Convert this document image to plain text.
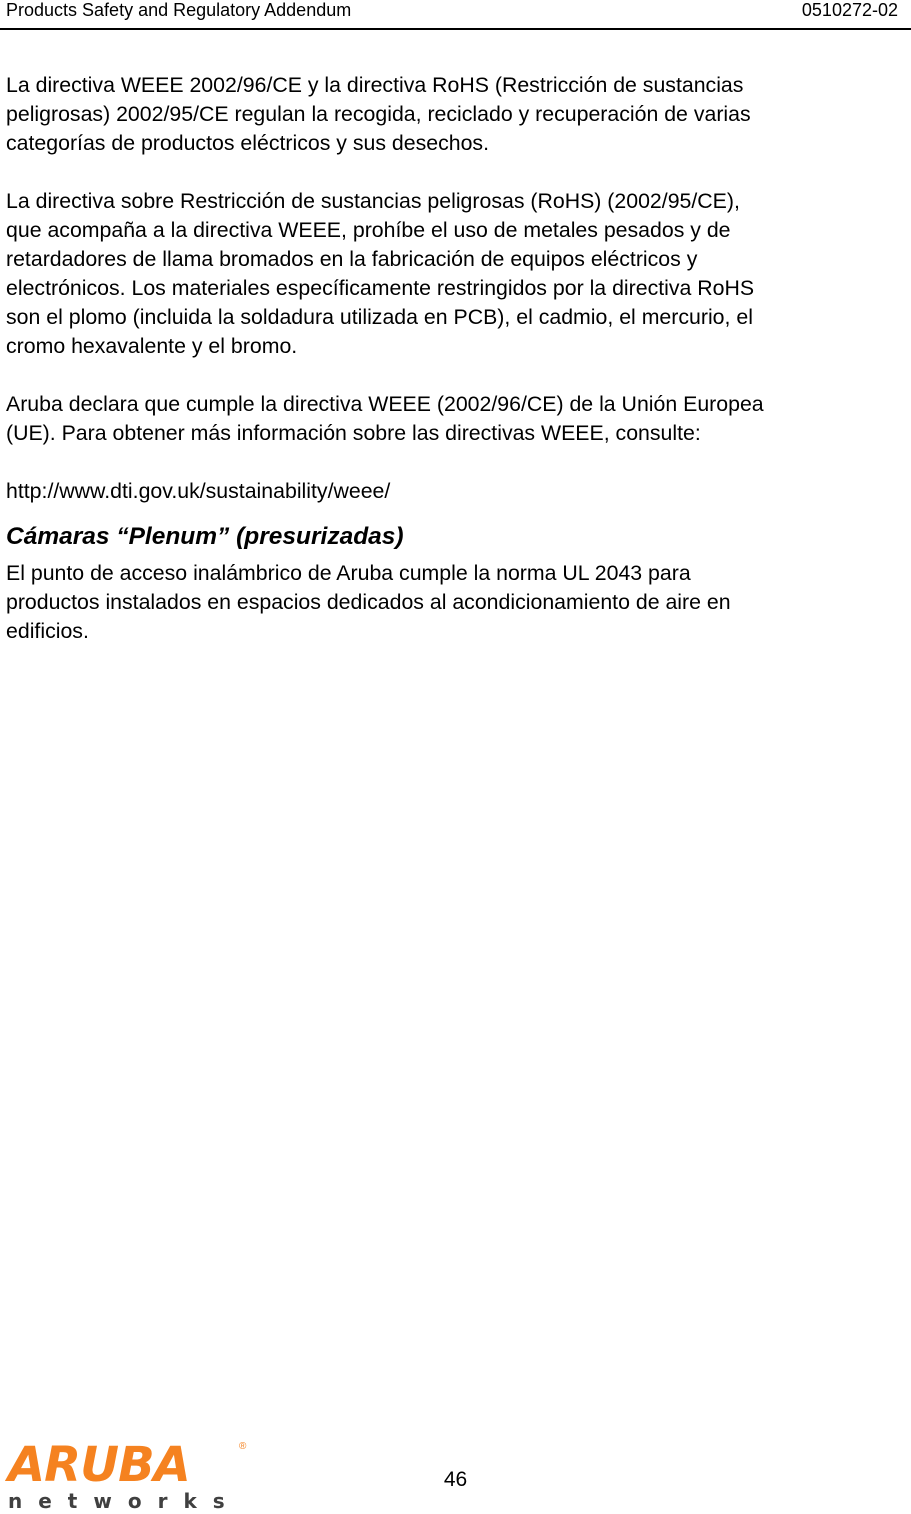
Products Safety and Regulatory Addendum	0510272-02

La directiva WEEE 2002/96/CE y la directiva RoHS (Restricción de sustancias
peligrosas) 2002/95/CE regulan la recogida, reciclado y recuperación de varias
categorías de productos eléctricos y sus desechos.

La directiva sobre Restricción de sustancias peligrosas (RoHS) (2002/95/CE),
que acompaña a la directiva WEEE, prohíbe el uso de metales pesados y de
retardadores de llama bromados en la fabricación de equipos eléctricos y
electrónicos. Los materiales específicamente restringidos por la directiva RoHS
son el plomo (incluida la soldadura utilizada en PCB), el cadmio, el mercurio, el
cromo hexavalente y el bromo.

Aruba declara que cumple la directiva WEEE (2002/96/CE) de la Unión Europea
(UE). Para obtener más información sobre las directivas WEEE, consulte:

http://www.dti.gov.uk/sustainability/weee/

Cámaras “Plenum” (presurizadas)

El punto de acceso inalámbrico de Aruba cumple la norma UL 2043 para
productos instalados en espacios dedicados al acondicionamiento de aire en
edificios.

ARUBA	®
networks
46
